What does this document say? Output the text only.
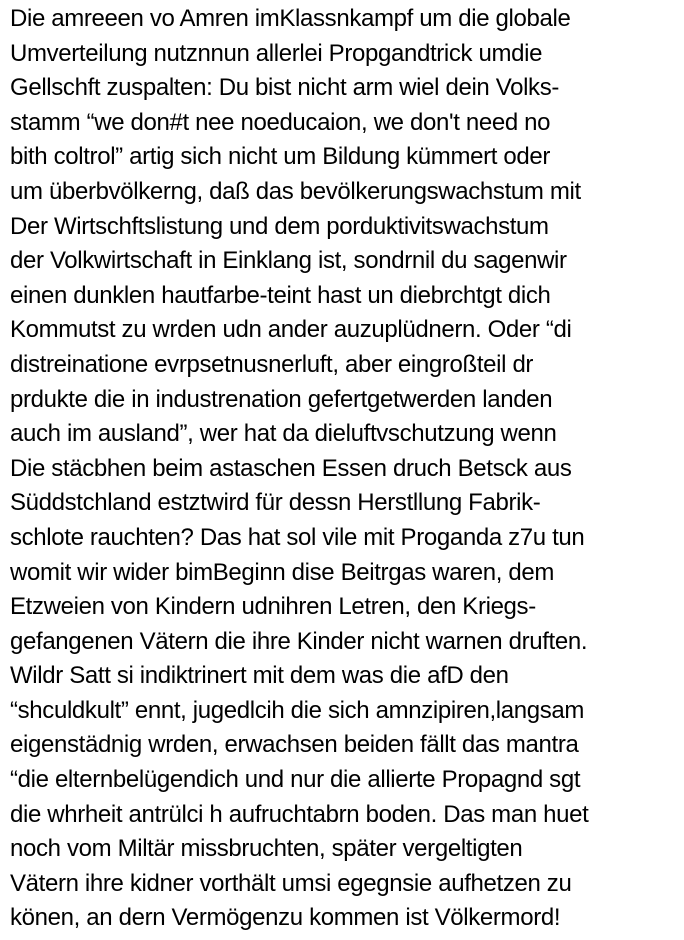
Die amreeen vo Amren imKlassnkampf um die globale
Umverteilung nutznnun allerlei Propgandtrick umdie
Gellschft zuspalten: Du bist nicht arm wiel dein Volks-
stamm “we don#t nee noeducaion, we don't need no
bith coltrol” artig sich nicht um Bildung kümmert oder
um überbvölkerng, daß das bevölkerungswachstum mit
Der Wirtschftslistung und dem porduktivitswachstum
der Volkwirtschaft in Einklang ist, sondrnil du sagenwir
einen dunklen hautfarbe-teint hast un diebrchtgt dich
Kommutst zu wrden udn ander auzuplüdnern. Oder “di
distreinatione evrpsetnusnerluft, aber eingroßteil dr
prdukte die in industrenation gefertgetwerden landen
auch im ausland”, wer hat da dieluftvschutzung wenn
Die stäcbhen beim astaschen Essen druch Betsck aus
Süddstchland estztwird für dessn Herstllung Fabrik-
schlote rauchten? Das hat sol vile mit Proganda z7u tun
womit wir wider bimBeginn dise Beitrgas waren, dem
Etzweien von Kindern udnihren Letren, den Kriegs-
gefangenen Vätern die ihre Kinder nicht warnen druften.
Wildr Satt si indiktrinert mit dem was die afD den
“shculdkult” ennt, jugedlcih die sich amnzipiren,langsam
eigenstädnig wrden, erwachsen beiden fällt das mantra
“die elternbelügendich und nur die allierte Propagnd sgt
die whrheit antrülci h aufruchtabrn boden. Das man huet
noch vom Miltär missbruchten, später vergeltigten
Vätern ihre kidner vorthält umsi egegnsie aufhetzen zu
könen, an dern Vermögenzu kommen ist Völkermord!
